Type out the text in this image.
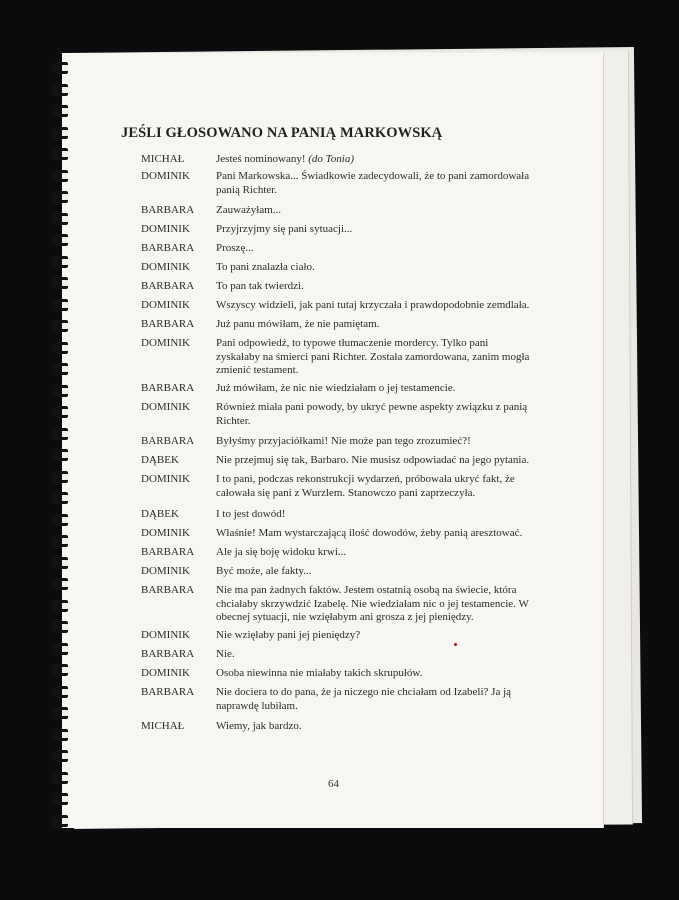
JEŚLI GŁOSOWANO NA PANIĄ MARKOWSKĄ
MICHAŁ	Jesteś nominowany! (do Tonia)
DOMINIK Pani Markowska... Świadkowie zadecydowali, że to pani zamordowała panią Richter.
BARBARA Zauważyłam...
DOMINIK Przyjrzyjmy się pani sytuacji...
BARBARA Proszę...
DOMINIK To pani znalazła ciało.
BARBARA To pan tak twierdzi.
DOMINIK Wszyscy widzieli, jak pani tutaj krzyczała i prawdopodobnie zemdlała.
BARBARA Już panu mówiłam, że nie pamiętam.
DOMINIK Pani odpowiedź, to typowe tłumaczenie mordercy. Tylko pani zyskałaby na śmierci pani Richter. Została zamordowana, zanim mogła zmienić testament.
BARBARA Już mówiłam, że nic nie wiedziałam o jej testamencie.
DOMINIK Również miała pani powody, by ukryć pewne aspekty związku z panią Richter.
BARBARA Byłyśmy przyjaciółkami! Nie może pan tego zrozumieć?!
DĄBEK	Nie przejmuj się tak, Barbaro. Nie musisz odpowiadać na jego pytania.
DOMINIK I to pani, podczas rekonstrukcji wydarzeń, próbowała ukryć fakt, że całowała się pani z Wurzlem. Stanowczo pani zaprzeczyła.
DĄBEK	I to jest dowód!
DOMINIK Właśnie! Mam wystarczającą ilość dowodów, żeby panią aresztować.
BARBARA Ale ja się boję widoku krwi...
DOMINIK Być może, ale fakty...
BARBARA Nie ma pan żadnych faktów. Jestem ostatnią osobą na świecie, która chciałaby skrzywdzić Izabelę. Nie wiedziałam nic o jej testamencie. W obecnej sytuacji, nie wzięłabym ani grosza z jej pieniędzy.
DOMINIK Nie wzięłaby pani jej pieniędzy?
BARBARA Nie.
DOMINIK Osoba niewinna nie miałaby takich skrupułów.
BARBARA Nie dociera to do pana, że ja niczego nie chciałam od Izabeli? Ja ją naprawdę lubiłam.
MICHAŁ	Wiemy, jak bardzo.
64
